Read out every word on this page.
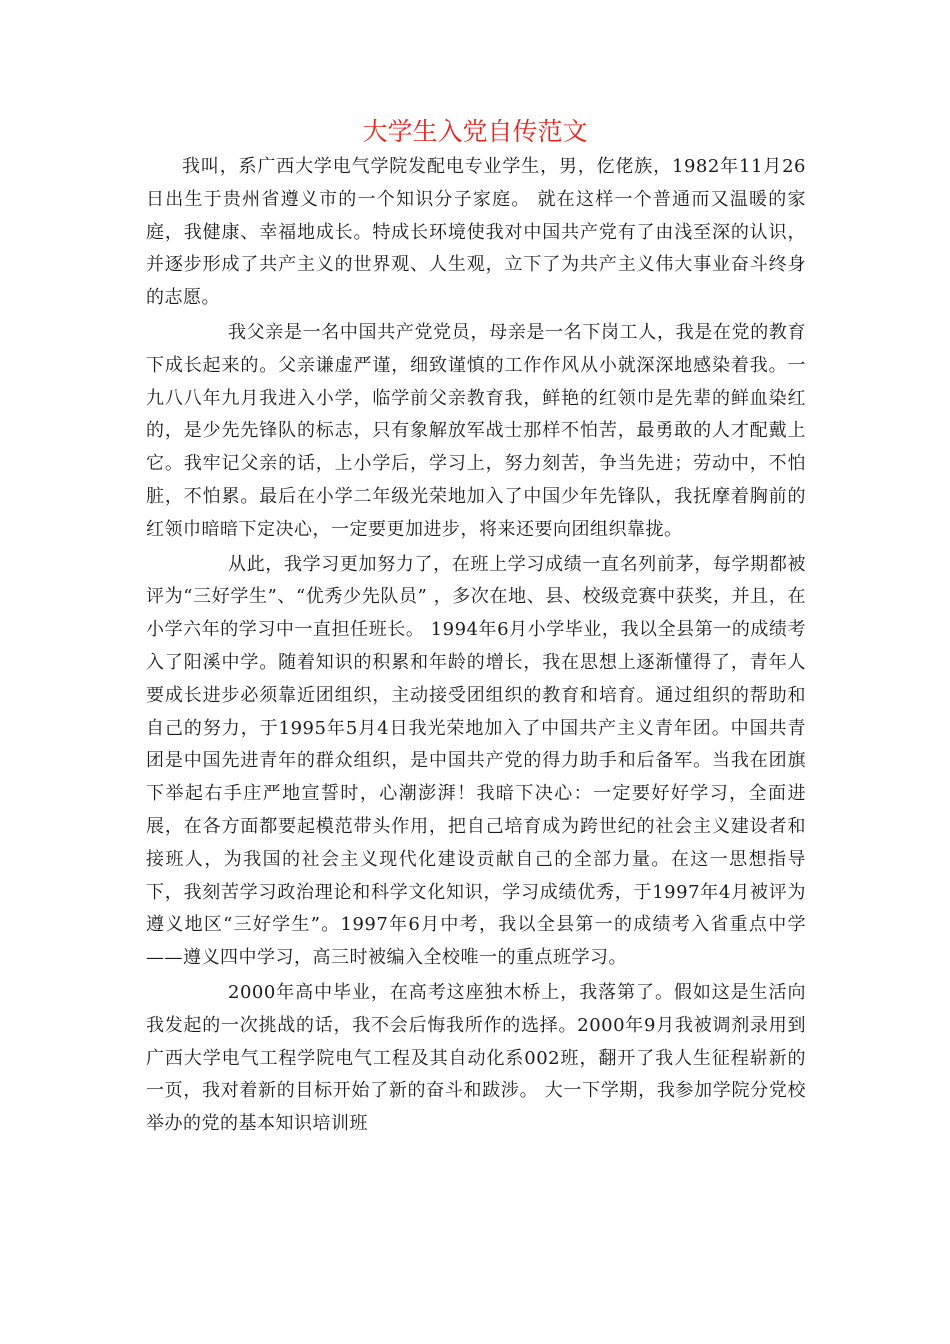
大学生入党自传范文

我叫，系广西大学电气学院发配电专业学生，男，仡佬族，1982年11月26日出生于贵州省遵义市的一个知识分子家庭。 就在这样一个普通而又温暖的家庭，我健康、幸福地成长。特成长环境使我对中国共产党有了由浅至深的认识，并逐步形成了共产主义的世界观、人生观，立下了为共产主义伟大事业奋斗终身的志愿。

我父亲是一名中国共产党党员，母亲是一名下岗工人，我是在党的教育下成长起来的。父亲谦虚严谨，细致谨慎的工作作风从小就深深地感染着我。一九八八年九月我进入小学，临学前父亲教育我，鲜艳的红领巾是先辈的鲜血染红的，是少先先锋队的标志，只有象解放军战士那样不怕苦，最勇敢的人才配戴上它。我牢记父亲的话，上小学后，学习上，努力刻苦，争当先进；劳动中，不怕脏，不怕累。最后在小学二年级光荣地加入了中国少年先锋队，我抚摩着胸前的红领巾暗暗下定决心，一定要更加进步，将来还要向团组织靠拢。

从此，我学习更加努力了，在班上学习成绩一直名列前茅，每学期都被评为“三好学生”、“优秀少先队员” ，多次在地、县、校级竞赛中获奖，并且，在小学六年的学习中一直担任班长。 1994年6月小学毕业，我以全县第一的成绩考入了阳溪中学。随着知识的积累和年龄的增长，我在思想上逐渐懂得了，青年人要成长进步必须靠近团组织，主动接受团组织的教育和培育。通过组织的帮助和自己的努力，于1995年5月4日我光荣地加入了中国共产主义青年团。中国共青团是中国先进青年的群众组织，是中国共产党的得力助手和后备军。当我在团旗下举起右手庄严地宣誓时，心潮澎湃！我暗下决心：一定要好好学习，全面进展，在各方面都要起模范带头作用，把自己培育成为跨世纪的社会主义建设者和接班人，为我国的社会主义现代化建设贡献自己的全部力量。在这一思想指导下，我刻苦学习政治理论和科学文化知识，学习成绩优秀，于1997年4月被评为遵义地区“三好学生”。1997年6月中考，我以全县第一的成绩考入省重点中学——遵义四中学习，高三时被编入全校唯一的重点班学习。

2000年高中毕业，在高考这座独木桥上，我落第了。假如这是生活向我发起的一次挑战的话，我不会后悔我所作的选择。2000年9月我被调剂录用到广西大学电气工程学院电气工程及其自动化系002班，翻开了我人生征程崭新的一页，我对着新的目标开始了新的奋斗和跋涉。 大一下学期，我参加学院分党校举办的党的基本知识培训班
